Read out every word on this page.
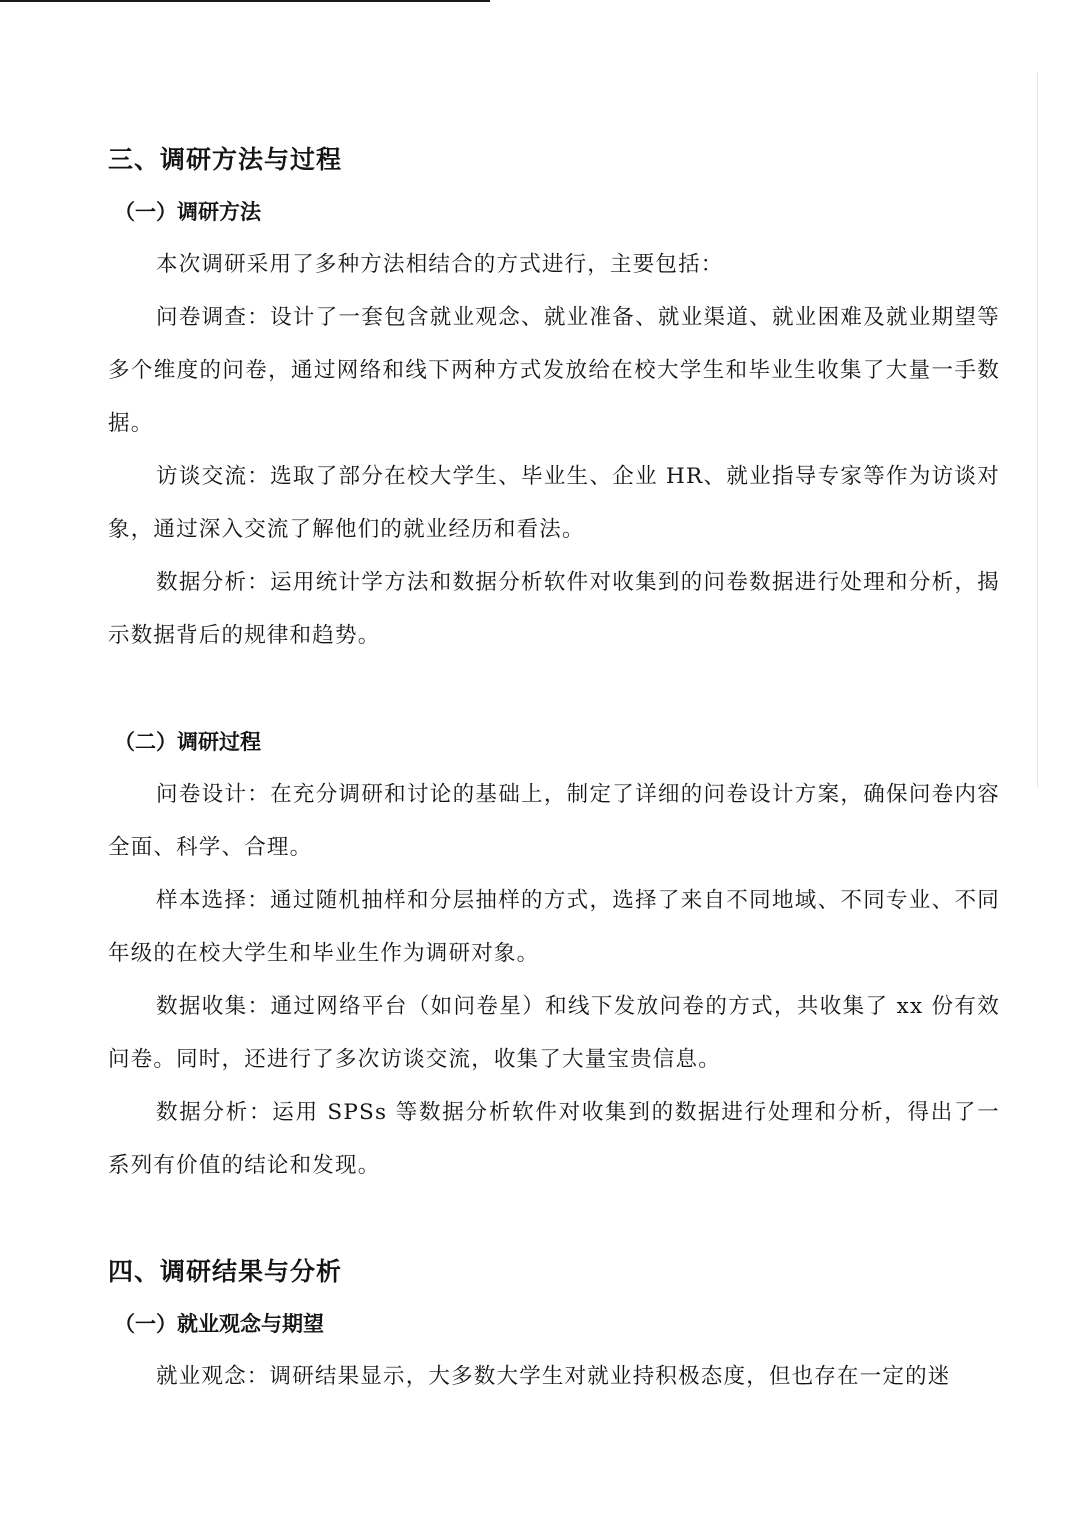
三、调研方法与过程
（一）调研方法

本次调研采用了多种方法相结合的方式进行，主要包括：

问卷调查：设计了一套包含就业观念、就业准备、就业渠道、就业困难及就业期望等多个维度的问卷，通过网络和线下两种方式发放给在校大学生和毕业生收集了大量一手数据。

访谈交流：选取了部分在校大学生、毕业生、企业 HR、就业指导专家等作为访谈对象，通过深入交流了解他们的就业经历和看法。

数据分析：运用统计学方法和数据分析软件对收集到的问卷数据进行处理和分析，揭示数据背后的规律和趋势。

（二）调研过程

问卷设计：在充分调研和讨论的基础上，制定了详细的问卷设计方案，确保问卷内容全面、科学、合理。

样本选择：通过随机抽样和分层抽样的方式，选择了来自不同地域、不同专业、不同年级的在校大学生和毕业生作为调研对象。

数据收集：通过网络平台（如问卷星）和线下发放问卷的方式，共收集了 xx 份有效问卷。同时，还进行了多次访谈交流，收集了大量宝贵信息。

数据分析：运用 SPSs 等数据分析软件对收集到的数据进行处理和分析，得出了一系列有价值的结论和发现。

四、调研结果与分析
（一）就业观念与期望

就业观念：调研结果显示，大多数大学生对就业持积极态度，但也存在一定的迷
